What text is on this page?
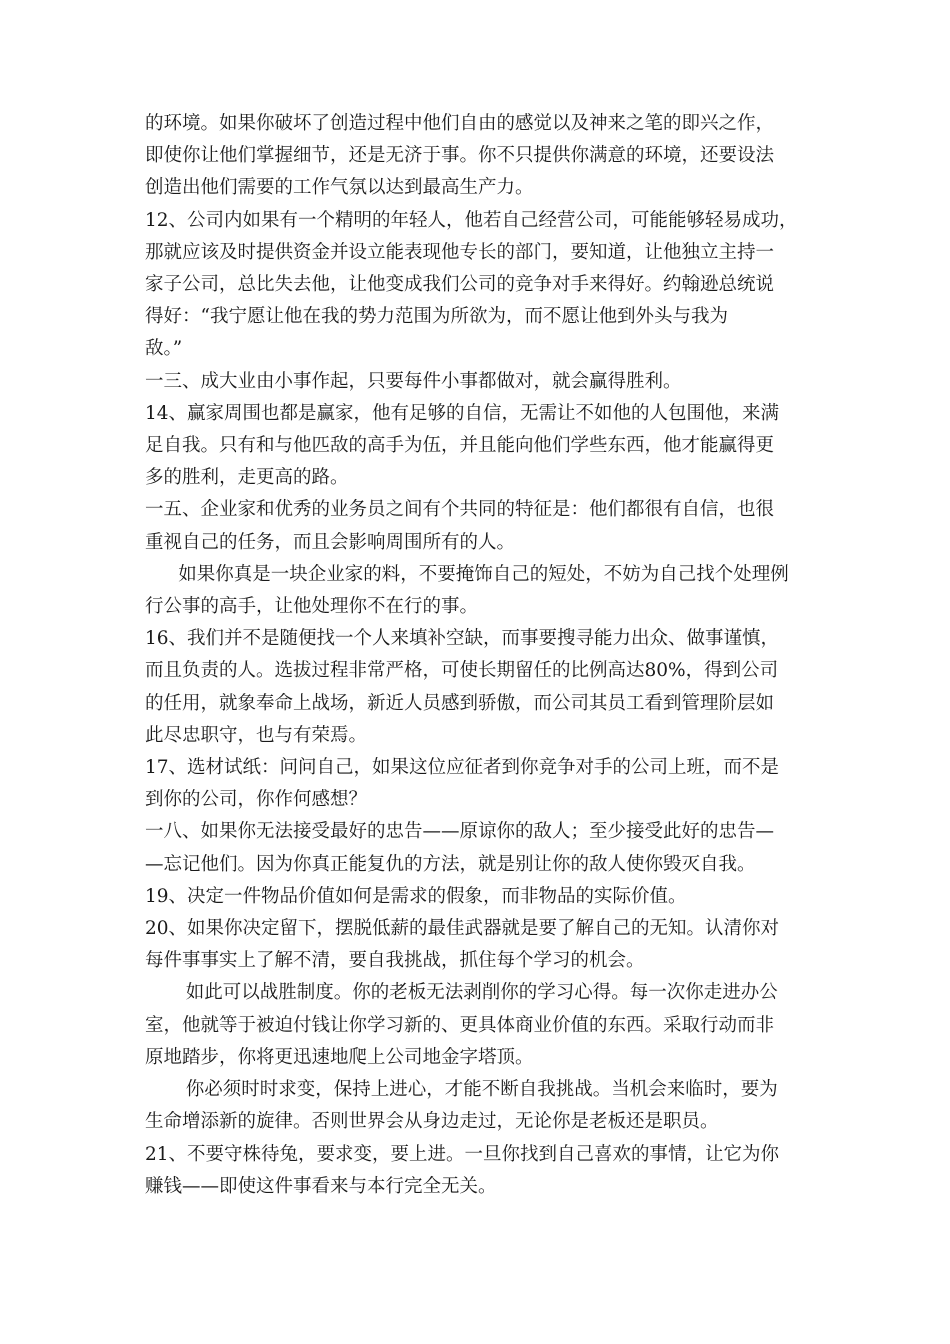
的环境。如果你破坏了创造过程中他们自由的感觉以及神来之笔的即兴之作，
即使你让他们掌握细节，还是无济于事。你不只提供你满意的环境，还要设法
创造出他们需要的工作气氛以达到最高生产力。

12、公司内如果有一个精明的年轻人，他若自己经营公司，可能能够轻易成功，
那就应该及时提供资金并设立能表现他专长的部门，要知道，让他独立主持一
家子公司，总比失去他，让他变成我们公司的竞争对手来得好。约翰逊总统说
得好：“我宁愿让他在我的势力范围为所欲为，而不愿让他到外头与我为
敌。”

一三、成大业由小事作起，只要每件小事都做对，就会赢得胜利。

14、赢家周围也都是赢家，他有足够的自信，无需让不如他的人包围他，来满
足自我。只有和与他匹敌的高手为伍，并且能向他们学些东西，他才能赢得更
多的胜利，走更高的路。

一五、企业家和优秀的业务员之间有个共同的特征是：他们都很有自信，也很
重视自己的任务，而且会影响周围所有的人。

如果你真是一块企业家的料，不要掩饰自己的短处，不妨为自己找个处理例
行公事的高手，让他处理你不在行的事。

16、我们并不是随便找一个人来填补空缺，而事要搜寻能力出众、做事谨慎，
而且负责的人。选拔过程非常严格，可使长期留任的比例高达80%，得到公司
的任用，就象奉命上战场，新近人员感到骄傲，而公司其员工看到管理阶层如
此尽忠职守，也与有荣焉。

17、选材试纸：问问自己，如果这位应征者到你竞争对手的公司上班，而不是
到你的公司，你作何感想？

一八、如果你无法接受最好的忠告——原谅你的敌人；至少接受此好的忠告—
—忘记他们。因为你真正能复仇的方法，就是别让你的敌人使你毁灭自我。

19、决定一件物品价值如何是需求的假象，而非物品的实际价值。

20、如果你决定留下，摆脱低薪的最佳武器就是要了解自己的无知。认清你对
每件事事实上了解不清，要自我挑战，抓住每个学习的机会。

如此可以战胜制度。你的老板无法剥削你的学习心得。每一次你走进办公
室，他就等于被迫付钱让你学习新的、更具体商业价值的东西。采取行动而非
原地踏步，你将更迅速地爬上公司地金字塔顶。

你必须时时求变，保持上进心，才能不断自我挑战。当机会来临时，要为
生命增添新的旋律。否则世界会从身边走过，无论你是老板还是职员。

21、不要守株待兔，要求变，要上进。一旦你找到自己喜欢的事情，让它为你
赚钱——即使这件事看来与本行完全无关。
